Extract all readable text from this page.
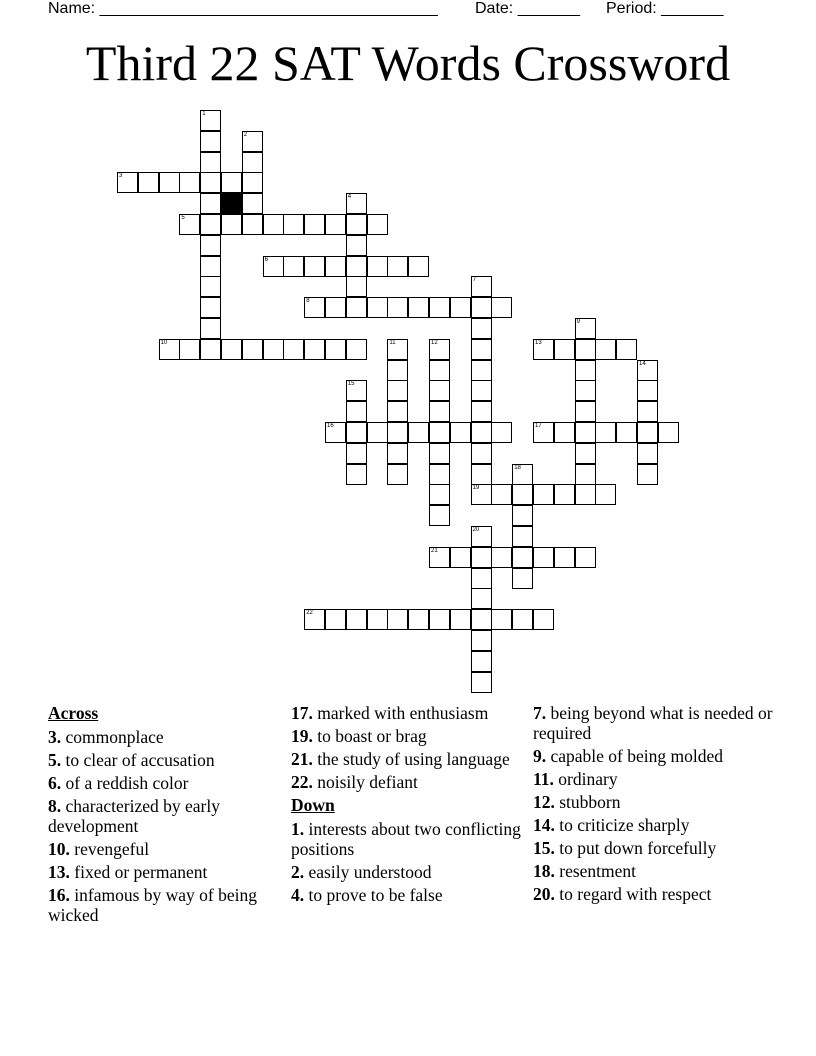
Name: ______________________________________ Date: _______ Period: _______
Third 22 SAT Words Crossword
1
2
3
4
5
6
7
8
9
10	11	12	13
14
15
16	17
18
19
20
21
22
Across
3. commonplace
5. to clear of accusation
6. of a reddish color
8. characterized by early development
10. revengeful
13. fixed or permanent
16. infamous by way of being wicked
17. marked with enthusiasm
19. to boast or brag
21. the study of using language
22. noisily defiant
Down
1. interests about two conflicting positions
2. easily understood
4. to prove to be false
7. being beyond what is needed or required
9. capable of being molded
11. ordinary
12. stubborn
14. to criticize sharply
15. to put down forcefully
18. resentment
20. to regard with respect
